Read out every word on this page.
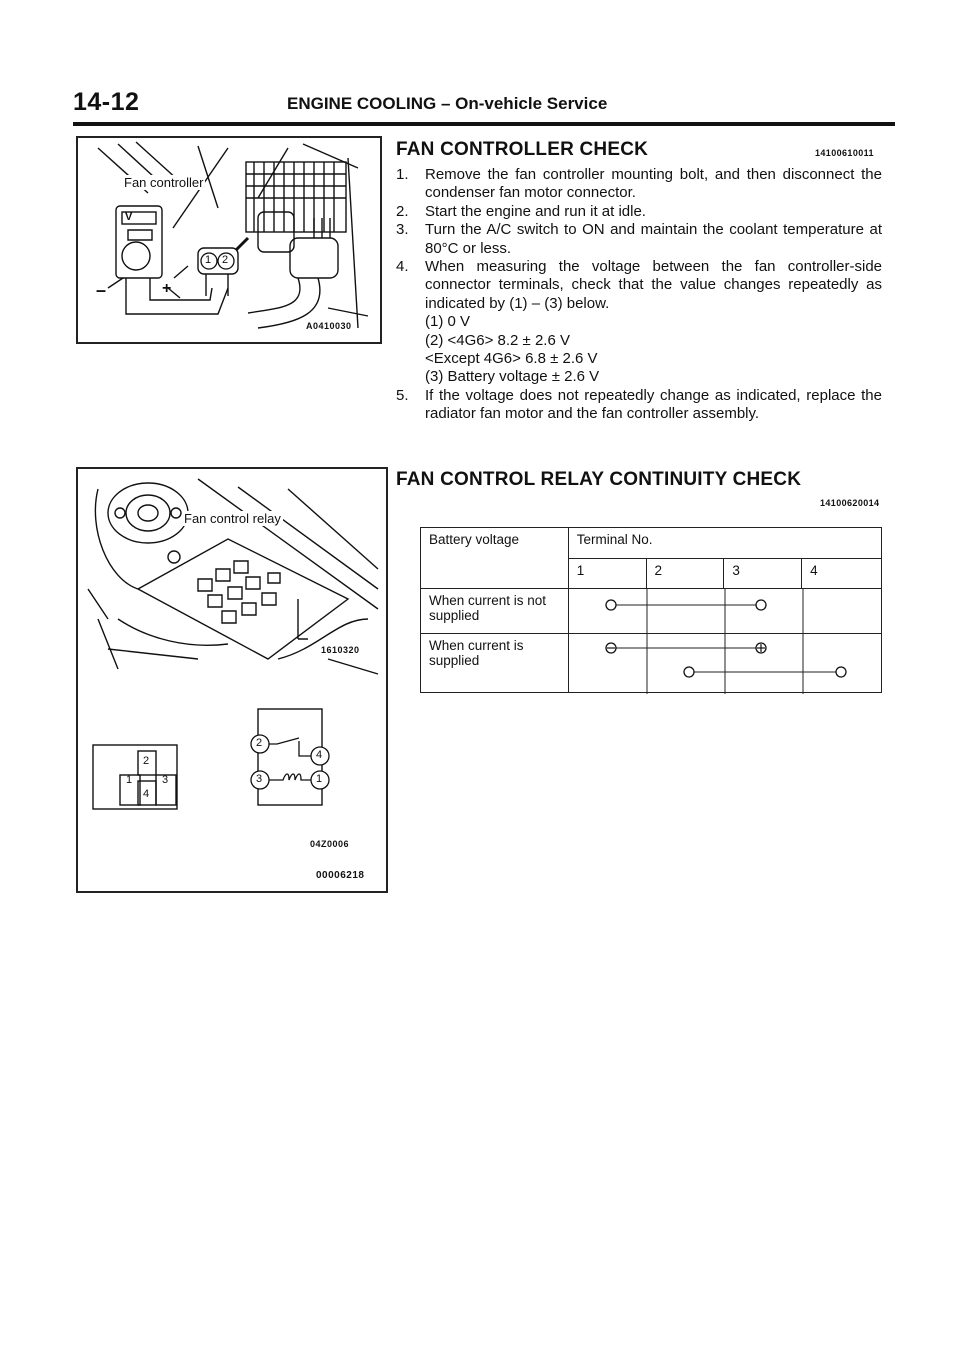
14-12	ENGINE COOLING – On-vehicle Service
Fan controller
V
1 2
–	+
A0410030
FAN CONTROLLER CHECK	14100610011
1. Remove the fan controller mounting bolt, and then disconnect the condenser fan motor connector.

2. Start the engine and run it at idle.

3. Turn the A/C switch to ON and maintain the coolant temperature at 80°C or less.

4. When measuring the voltage between the fan controller-side connector terminals, check that the value changes repeatedly as indicated by (1) – (3) below.

(1) 0 V

(2) <4G6> 8.2 ± 2.6 V

<Except 4G6> 6.8 ± 2.6 V

(3) Battery voltage ± 2.6 V

5. If the voltage does not repeatedly change as indicated, replace the radiator fan motor and the fan controller assembly.

Fan control relay
1610320
2
1	3
4
2
4
3	1
04Z0006
00006218
FAN CONTROL RELAY CONTINUITY CHECK
14100620014
Battery voltage	Terminal No.			
	1	2	3	4
When current is not supplied	

When current is supplied	
